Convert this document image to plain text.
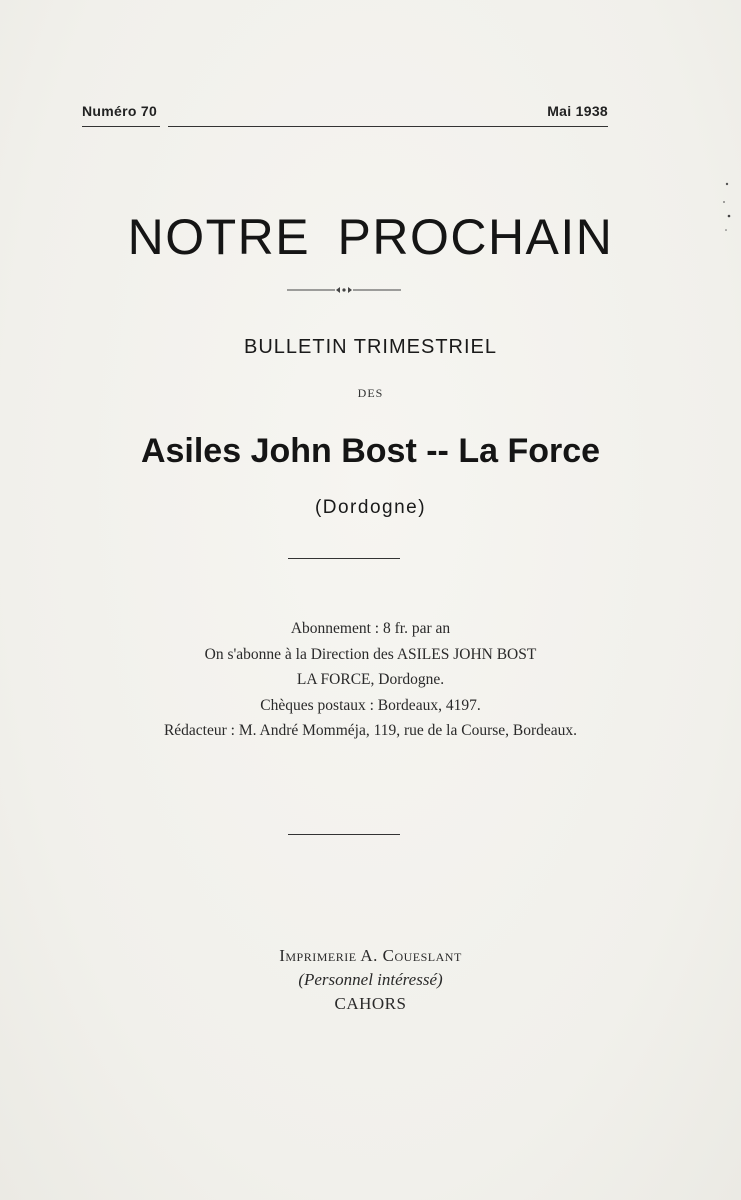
Numéro 70	Mai 1938
NOTRE PROCHAIN
BULLETIN TRIMESTRIEL
DES
Asiles John Bost -- La Force
(Dordogne)
Abonnement : 8 fr. par an
On s'abonne à la Direction des ASILES JOHN BOST
LA FORCE, Dordogne.
Chèques postaux : Bordeaux, 4197.
Rédacteur : M. André Momméja, 119, rue de la Course, Bordeaux.
Imprimerie A. Coueslant
(Personnel intéressé)
CAHORS
